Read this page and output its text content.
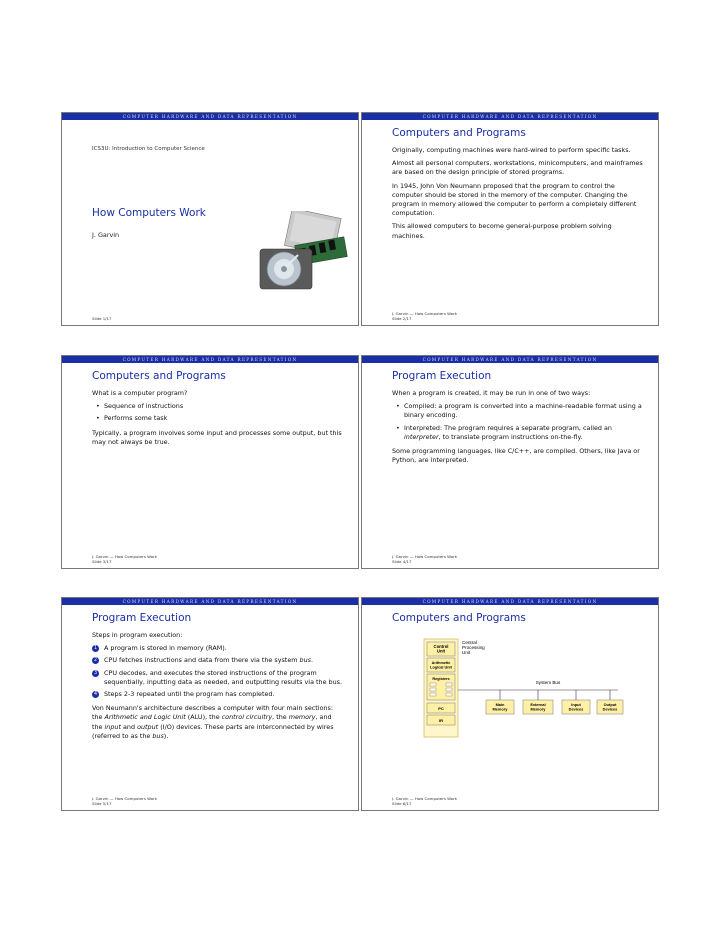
COMPUTER HARDWARE AND DATA REPRESENTATION
ICS3U: Introduction to Computer Science
How Computers Work
J. Garvin
Slide 1/17
COMPUTER HARDWARE AND DATA REPRESENTATION
Computers and Programs

Originally, computing machines were hard-wired to perform specific tasks.

Almost all personal computers, workstations, minicomputers, and mainframes are based on the design principle of stored programs.

In 1945, John Von Neumann proposed that the program to control the computer should be stored in the memory of the computer. Changing the program in memory allowed the computer to perform a completely different computation.

This allowed computers to become general-purpose problem solving machines.

J. Garvin — How Computers Work
Slide 2/17
COMPUTER HARDWARE AND DATA REPRESENTATION
Computers and Programs

What is a computer program?

• Sequence of instructions
• Performs some task

Typically, a program involves some input and processes some output, but this may not always be true.

J. Garvin — How Computers Work
Slide 3/17
COMPUTER HARDWARE AND DATA REPRESENTATION
Program Execution

When a program is created, it may be run in one of two ways:

• Compiled: a program is converted into a machine-readable format using a binary encoding.
• Interpreted: The program requires a separate program, called an interpreter, to translate program instructions on-the-fly.

Some programming languages, like C/C++, are compiled. Others, like Java or Python, are interpreted.

J. Garvin — How Computers Work
Slide 4/17
COMPUTER HARDWARE AND DATA REPRESENTATION
Program Execution

Steps in program execution:

1	A program is stored in memory (RAM).
2	CPU fetches instructions and data from there via the system bus.
3	CPU decodes, and executes the stored instructions of the program sequentially, inputting data as needed, and outputting results via the bus.
4	Steps 2-3 repeated until the program has completed.

Von Neumann's architecture describes a computer with four main sections: the Arithmetic and Logic Unit (ALU), the control circuitry, the memory, and the input and output (I/O) devices. These parts are interconnected by wires (referred to as the bus).

J. Garvin — How Computers Work
Slide 5/17
COMPUTER HARDWARE AND DATA REPRESENTATION
Computers and Programs
Control Unit
Arithmetic Logical Unit
Registers
PC
IR
Central Processing Unit
System Bus
Main Memory
External Memory
Input Devices
Output Devices
J. Garvin — How Computers Work
Slide 6/17
